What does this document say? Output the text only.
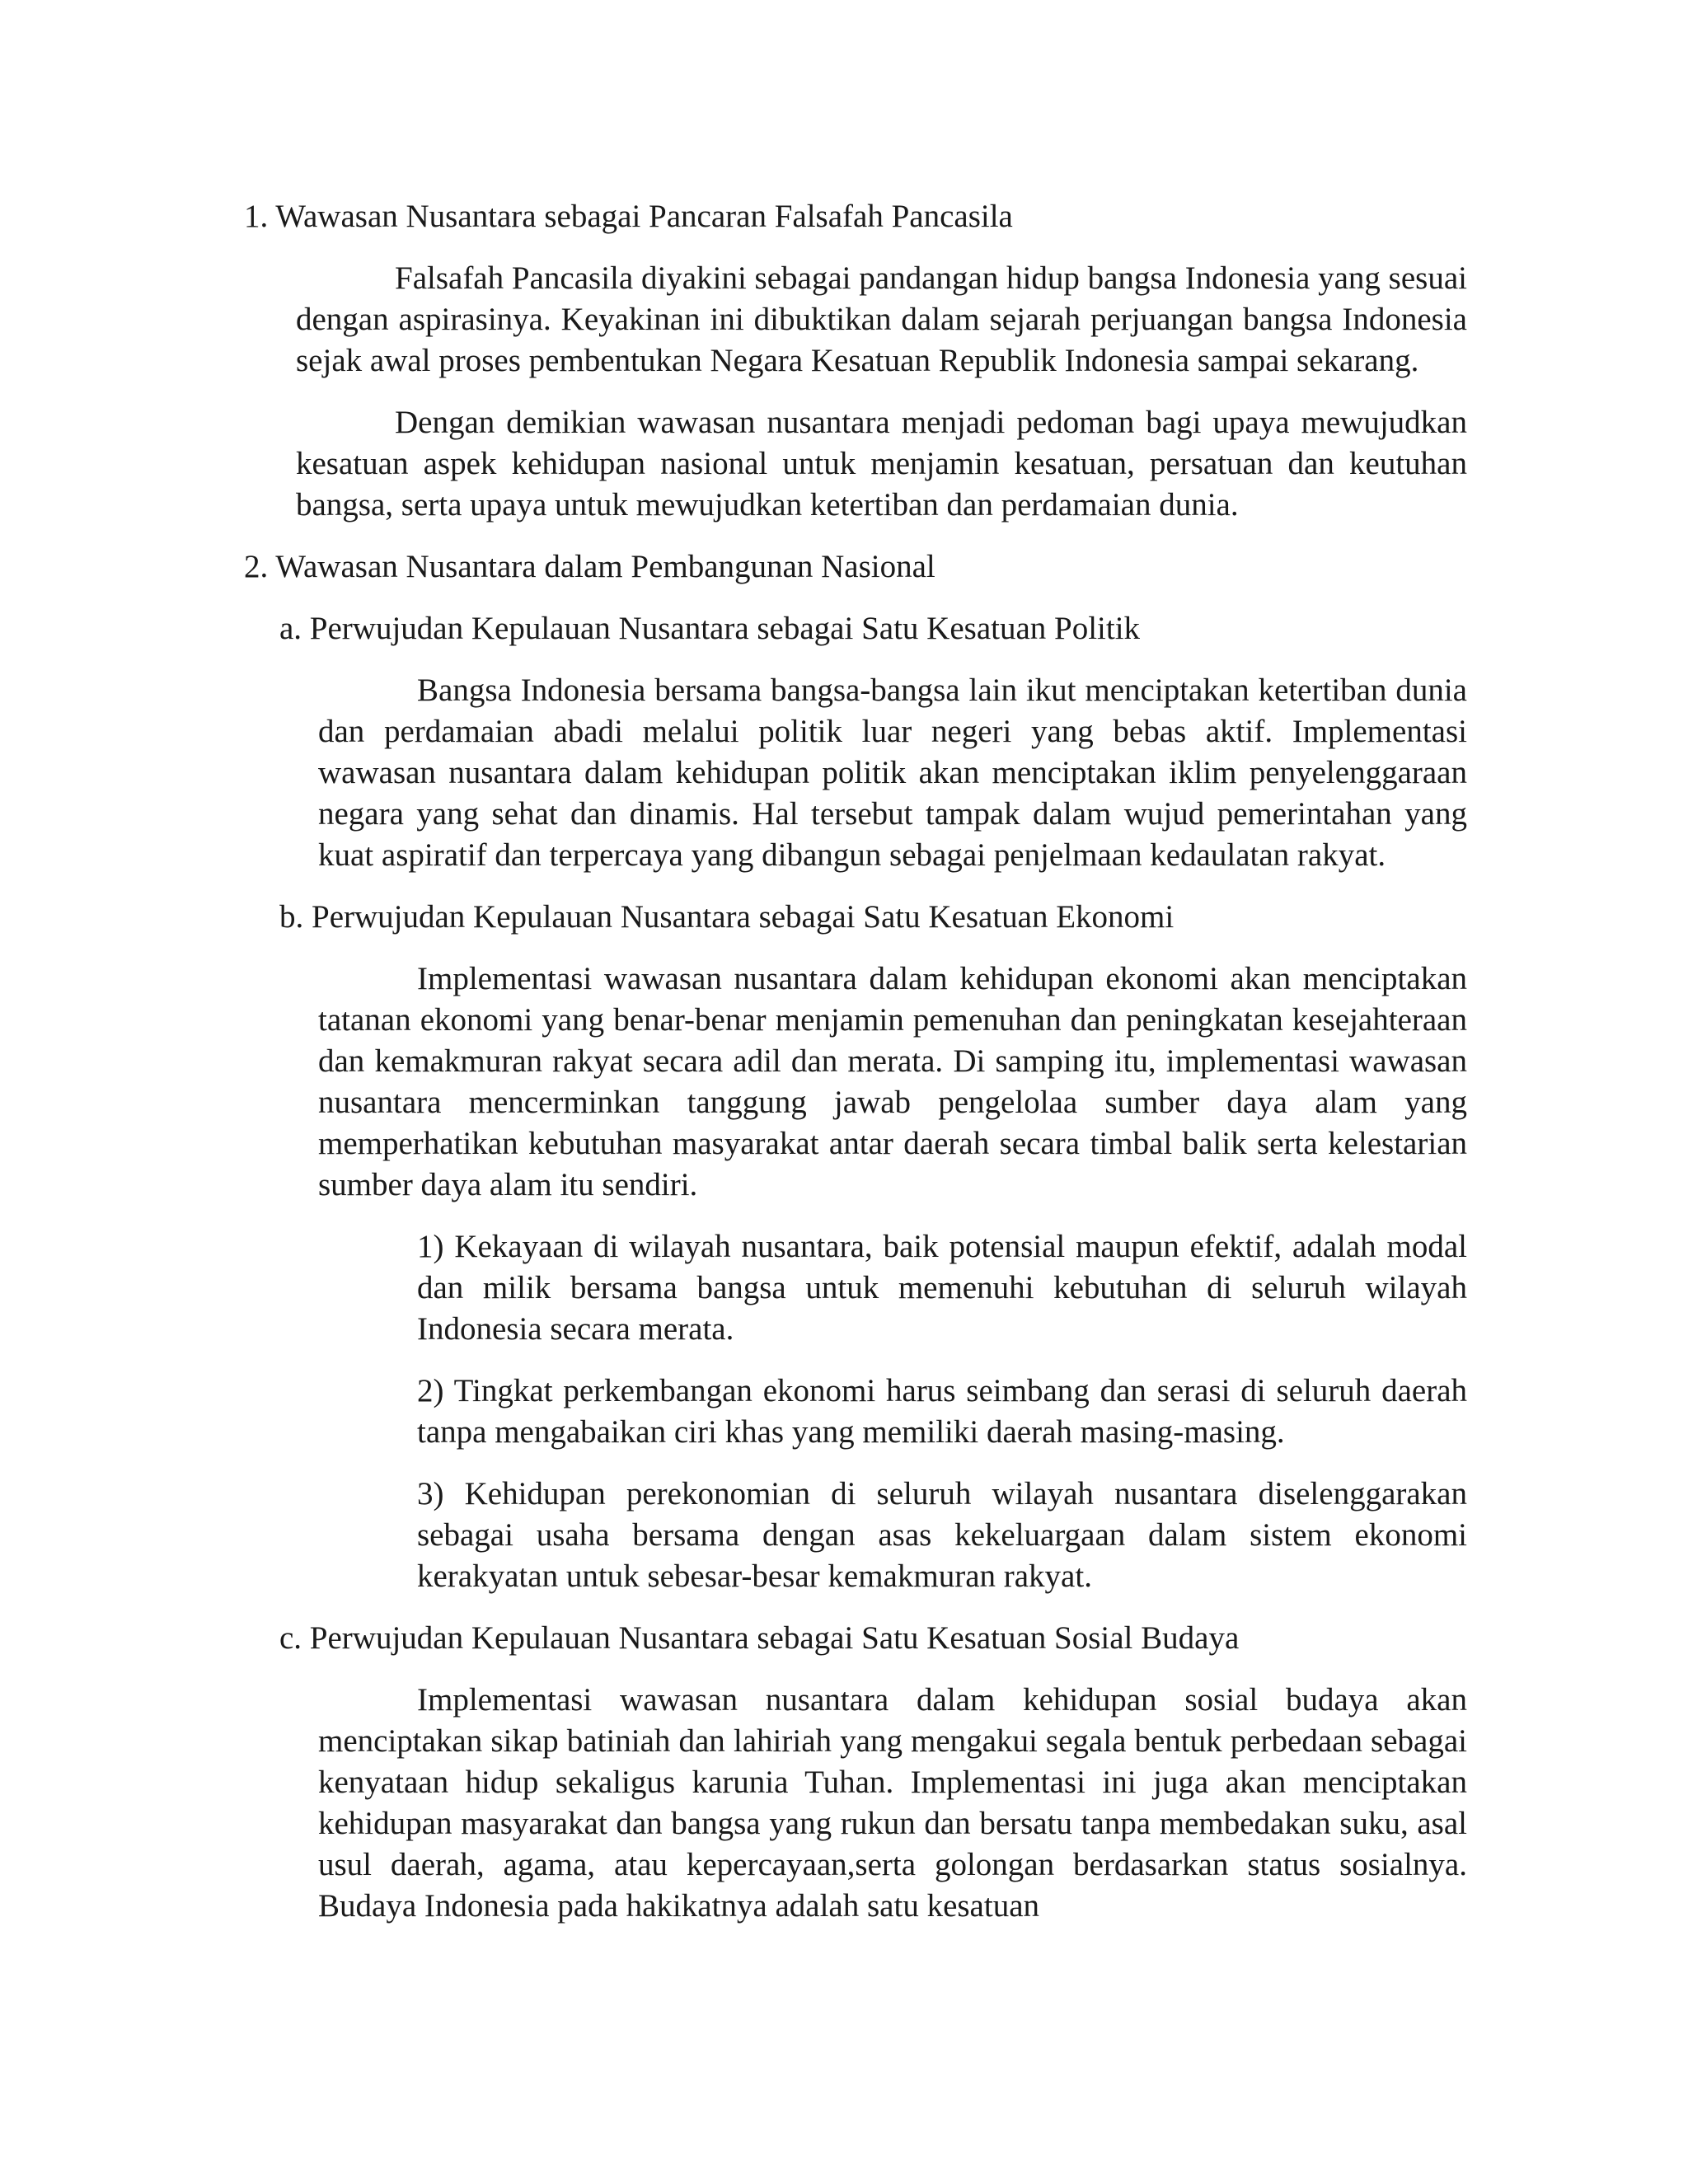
1. Wawasan Nusantara sebagai Pancaran Falsafah Pancasila

Falsafah Pancasila diyakini sebagai pandangan hidup bangsa Indonesia yang sesuai dengan aspirasinya. Keyakinan ini dibuktikan dalam sejarah perjuangan bangsa Indonesia sejak awal proses pembentukan Negara Kesatuan Republik Indonesia sampai sekarang.

Dengan demikian wawasan nusantara menjadi pedoman bagi upaya mewujudkan kesatuan aspek kehidupan nasional untuk menjamin kesatuan, persatuan dan keutuhan bangsa, serta upaya untuk mewujudkan ketertiban dan perdamaian dunia.

2. Wawasan Nusantara dalam Pembangunan Nasional
a. Perwujudan Kepulauan Nusantara sebagai Satu Kesatuan Politik

Bangsa Indonesia bersama bangsa-bangsa lain ikut menciptakan ketertiban dunia dan perdamaian abadi melalui politik luar negeri yang bebas aktif. Implementasi wawasan nusantara dalam kehidupan politik akan menciptakan iklim penyelenggaraan negara yang sehat dan dinamis. Hal tersebut tampak dalam wujud pemerintahan yang kuat aspiratif dan terpercaya yang dibangun sebagai penjelmaan kedaulatan rakyat.

b. Perwujudan Kepulauan Nusantara sebagai Satu Kesatuan Ekonomi

Implementasi wawasan nusantara dalam kehidupan ekonomi akan menciptakan tatanan ekonomi yang benar-benar menjamin pemenuhan dan peningkatan kesejahteraan dan kemakmuran rakyat secara adil dan merata. Di samping itu, implementasi wawasan nusantara mencerminkan tanggung jawab pengelolaa sumber daya alam yang memperhatikan kebutuhan masyarakat antar daerah secara timbal balik serta kelestarian sumber daya alam itu sendiri.

1) Kekayaan di wilayah nusantara, baik potensial maupun efektif, adalah modal dan milik bersama bangsa untuk memenuhi kebutuhan di seluruh wilayah Indonesia secara merata.

2) Tingkat perkembangan ekonomi harus seimbang dan serasi di seluruh daerah tanpa mengabaikan ciri khas yang memiliki daerah masing-masing.

3) Kehidupan perekonomian di seluruh wilayah nusantara diselenggarakan sebagai usaha bersama dengan asas kekeluargaan dalam sistem ekonomi kerakyatan untuk sebesar-besar kemakmuran rakyat.

c. Perwujudan Kepulauan Nusantara sebagai Satu Kesatuan Sosial Budaya

Implementasi wawasan nusantara dalam kehidupan sosial budaya akan menciptakan sikap batiniah dan lahiriah yang mengakui segala bentuk perbedaan sebagai kenyataan hidup sekaligus karunia Tuhan. Implementasi ini juga akan menciptakan kehidupan masyarakat dan bangsa yang rukun dan bersatu tanpa membedakan suku, asal usul daerah, agama, atau kepercayaan,serta golongan berdasarkan status sosialnya. Budaya Indonesia pada hakikatnya adalah satu kesatuan
